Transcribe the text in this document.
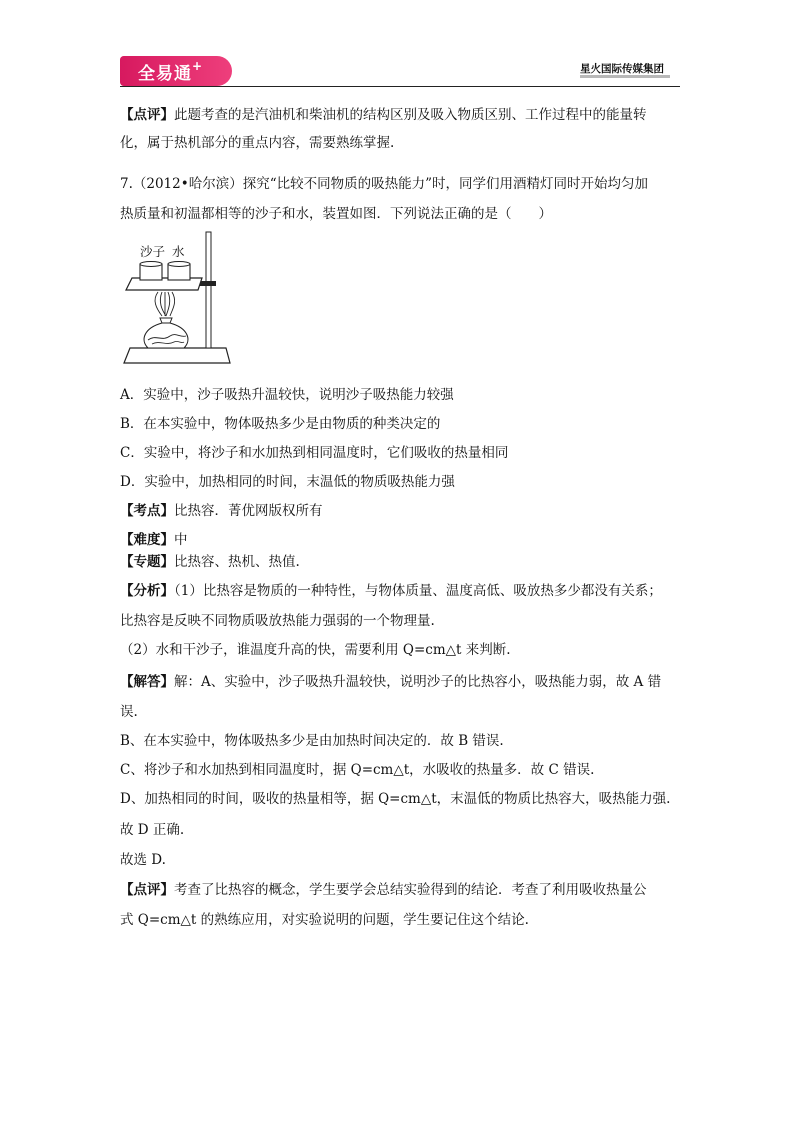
全易通+	星火国际传媒集团
【点评】此题考查的是汽油机和柴油机的结构区别及吸入物质区别、工作过程中的能量转
化，属于热机部分的重点内容，需要熟练掌握.
7.（2012•哈尔滨）探究“比较不同物质的吸热能力”时，同学们用酒精灯同时开始均匀加
热质量和初温都相等的沙子和水，装置如图．下列说法正确的是（　　）
沙子 水
A．实验中，沙子吸热升温较快，说明沙子吸热能力较强
B．在本实验中，物体吸热多少是由物质的种类决定的
C．实验中，将沙子和水加热到相同温度时，它们吸收的热量相同
D．实验中，加热相同的时间，末温低的物质吸热能力强
【考点】比热容．菁优网版权所有
【难度】中
【专题】比热容、热机、热值.
【分析】（1）比热容是物质的一种特性，与物体质量、温度高低、吸放热多少都没有关系；
比热容是反映不同物质吸放热能力强弱的一个物理量.
（2）水和干沙子，谁温度升高的快，需要利用 Q=cm△t 来判断.
【解答】解：A、实验中，沙子吸热升温较快，说明沙子的比热容小，吸热能力弱，故 A 错
误.
B、在本实验中，物体吸热多少是由加热时间决定的．故 B 错误.
C、将沙子和水加热到相同温度时，据 Q=cm△t，水吸收的热量多．故 C 错误.
D、加热相同的时间，吸收的热量相等，据 Q=cm△t，末温低的物质比热容大，吸热能力强.
故 D 正确.
故选 D.
【点评】考查了比热容的概念，学生要学会总结实验得到的结论．考查了利用吸收热量公
式 Q=cm△t 的熟练应用，对实验说明的问题，学生要记住这个结论.
